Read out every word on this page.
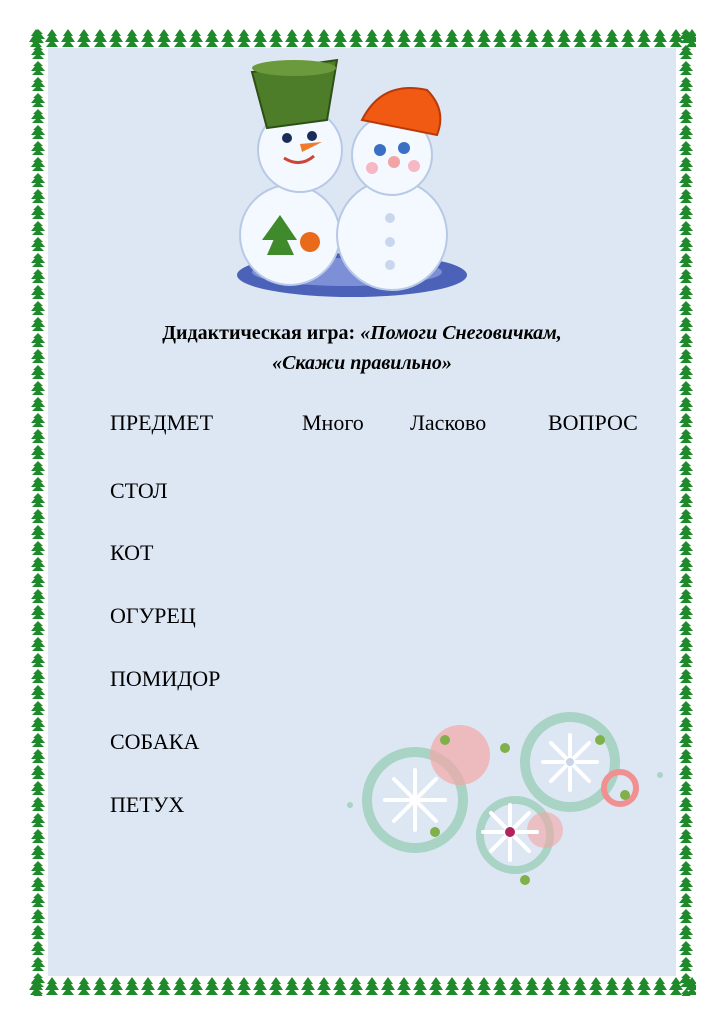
Дидактическая игра: «Помоги Снеговичкам,
«Скажи правильно»
ПРЕДМЕТ	Много Ласково	ВОПРОС
СТОЛ
КОТ
ОГУРЕЦ
ПОМИДОР
СОБАКА
ПЕТУХ
